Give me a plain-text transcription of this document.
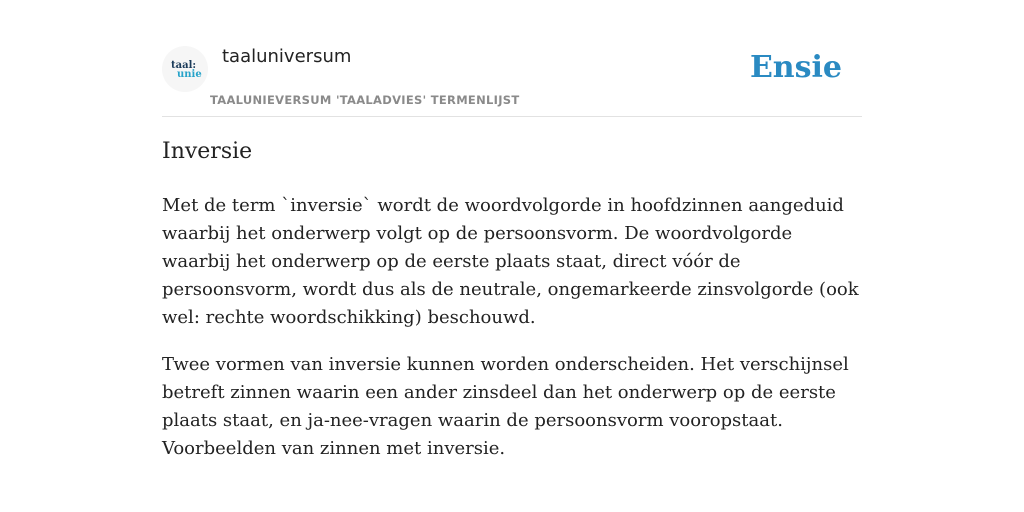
taal:
unie
taaluniversum
TAALUNIEVERSUM 'TAALADVIES' TERMENLIJST
Ensie
Inversie

Met de term `inversie` wordt de woordvolgorde in hoofdzinnen aangeduid waarbij het onderwerp volgt op de persoonsvorm. De woordvolgorde waarbij het onderwerp op de eerste plaats staat, direct vóór de persoonsvorm, wordt dus als de neutrale, ongemarkeerde zinsvolgorde (ook wel: rechte woordschikking) beschouwd.

Twee vormen van inversie kunnen worden onderscheiden. Het verschijnsel betreft zinnen waarin een ander zinsdeel dan het onderwerp op de eerste plaats staat, en ja-nee-vragen waarin de persoonsvorm vooropstaat. Voorbeelden van zinnen met inversie.
